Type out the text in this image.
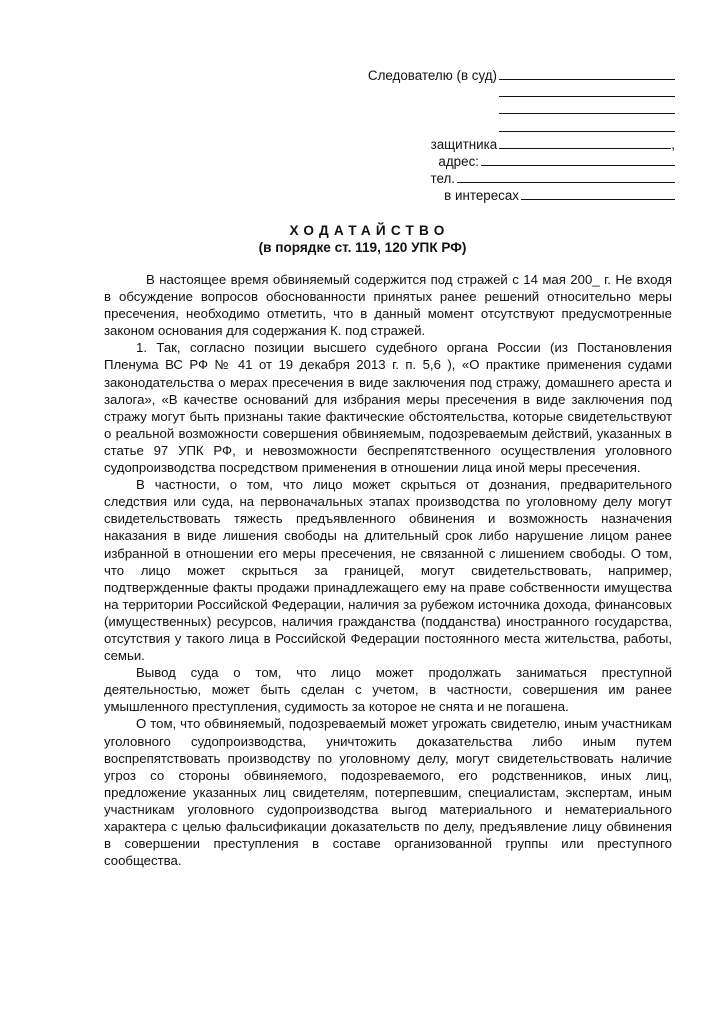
Следователю (в суд)
защитника	,
адрес:
тел.
в интересах
ХОДАТАЙСТВО
(в порядке ст. 119, 120 УПК РФ)

В настоящее время обвиняемый содержится под стражей с 14 мая 200_ г. Не входя в обсуждение вопросов обоснованности принятых ранее решений относительно меры пресечения, необходимо отметить, что в данный момент отсутствуют предусмотренные законом основания для содержания К. под стражей.

1. Так, согласно позиции высшего судебного органа России (из Постановления Пленума ВС РФ № 41 от 19 декабря 2013 г. п. 5,6 ), «О практике применения судами законодательства о мерах пресечения в виде заключения под стражу, домашнего ареста и залога», «В качестве оснований для избрания меры пресечения в виде заключения под стражу могут быть признаны такие фактические обстоятельства, которые свидетельствуют о реальной возможности совершения обвиняемым, подозреваемым действий, указанных в статье 97 УПК РФ, и невозможности беспрепятственного осуществления уголовного судопроизводства посредством применения в отношении лица иной меры пресечения.

В частности, о том, что лицо может скрыться от дознания, предварительного следствия или суда, на первоначальных этапах производства по уголовному делу могут свидетельствовать тяжесть предъявленного обвинения и возможность назначения наказания в виде лишения свободы на длительный срок либо нарушение лицом ранее избранной в отношении его меры пресечения, не связанной с лишением свободы. О том, что лицо может скрыться за границей, могут свидетельствовать, например, подтвержденные факты продажи принадлежащего ему на праве собственности имущества на территории Российской Федерации, наличия за рубежом источника дохода, финансовых (имущественных) ресурсов, наличия гражданства (подданства) иностранного государства, отсутствия у такого лица в Российской Федерации постоянного места жительства, работы, семьи.

Вывод суда о том, что лицо может продолжать заниматься преступной деятельностью, может быть сделан с учетом, в частности, совершения им ранее умышленного преступления, судимость за которое не снята и не погашена.

О том, что обвиняемый, подозреваемый может угрожать свидетелю, иным участникам уголовного судопроизводства, уничтожить доказательства либо иным путем воспрепятствовать производству по уголовному делу, могут свидетельствовать наличие угроз со стороны обвиняемого, подозреваемого, его родственников, иных лиц, предложение указанных лиц свидетелям, потерпевшим, специалистам, экспертам, иным участникам уголовного судопроизводства выгод материального и нематериального характера с целью фальсификации доказательств по делу, предъявление лицу обвинения в совершении преступления в составе организованной группы или преступного сообщества.
